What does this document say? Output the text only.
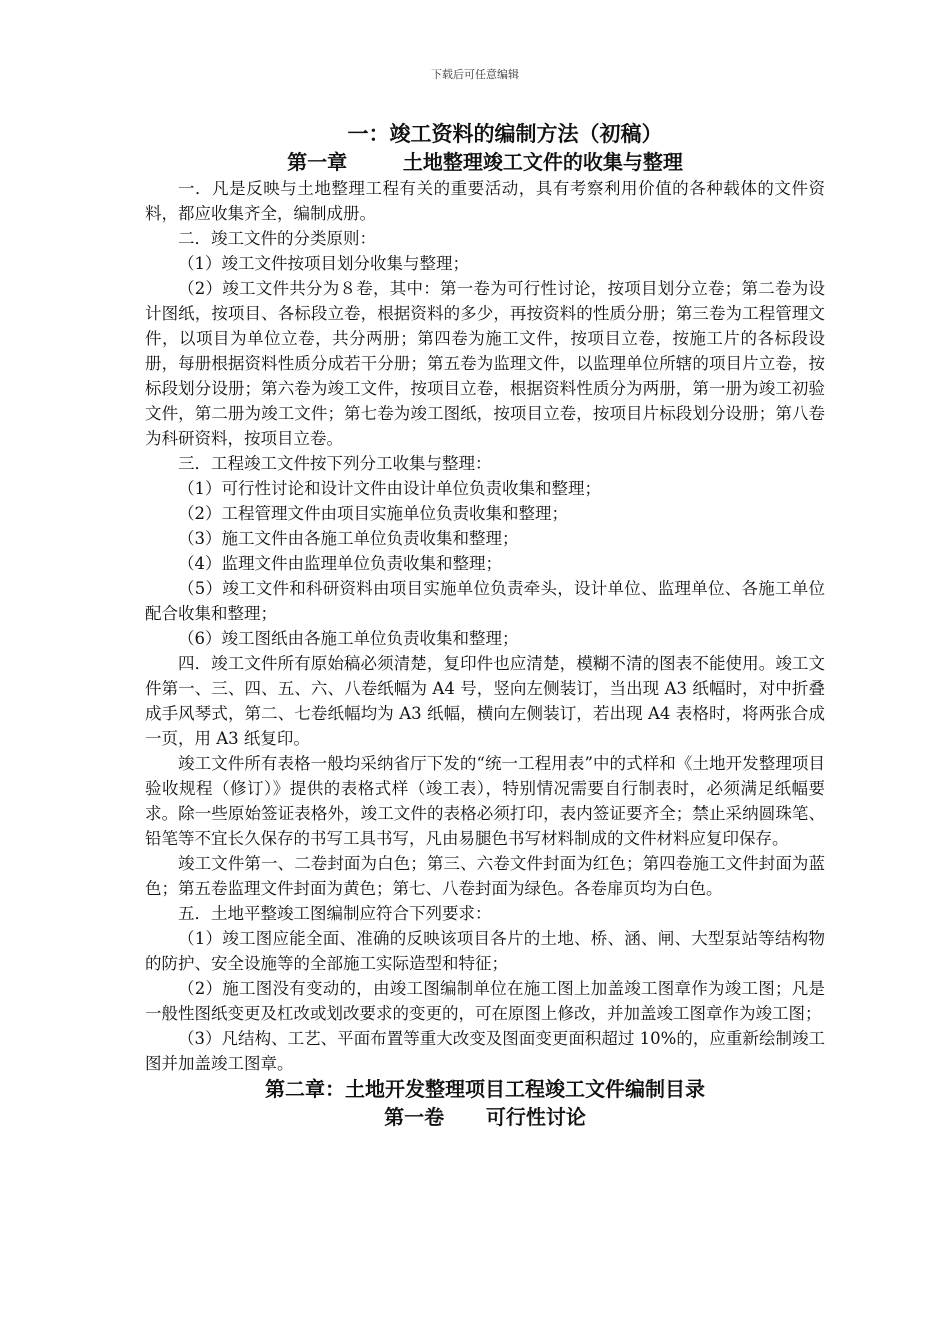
下载后可任意编辑
一：竣工资料的编制方法（初稿）
第一章        土地整理竣工文件的收集与整理

一．凡是反映与土地整理工程有关的重要活动，具有考察利用价值的各种载体的文件资料，都应收集齐全，编制成册。

二．竣工文件的分类原则：

（1）竣工文件按项目划分收集与整理；

（2）竣工文件共分为８卷，其中：第一卷为可行性讨论，按项目划分立卷；第二卷为设计图纸，按项目、各标段立卷，根据资料的多少，再按资料的性质分册；第三卷为工程管理文件，以项目为单位立卷，共分两册；第四卷为施工文件，按项目立卷，按施工片的各标段设册，每册根据资料性质分成若干分册；第五卷为监理文件，以监理单位所辖的项目片立卷，按标段划分设册；第六卷为竣工文件，按项目立卷，根据资料性质分为两册，第一册为竣工初验文件，第二册为竣工文件；第七卷为竣工图纸，按项目立卷，按项目片标段划分设册；第八卷为科研资料，按项目立卷。

三．工程竣工文件按下列分工收集与整理：

（1）可行性讨论和设计文件由设计单位负责收集和整理；

（2）工程管理文件由项目实施单位负责收集和整理；

（3）施工文件由各施工单位负责收集和整理；

（4）监理文件由监理单位负责收集和整理；

（5）竣工文件和科研资料由项目实施单位负责牵头，设计单位、监理单位、各施工单位配合收集和整理；

（6）竣工图纸由各施工单位负责收集和整理；

四．竣工文件所有原始稿必须清楚，复印件也应清楚，模糊不清的图表不能使用。竣工文件第一、三、四、五、六、八卷纸幅为 A4 号，竖向左侧装订，当出现 A3 纸幅时，对中折叠成手风琴式，第二、七卷纸幅均为 A3 纸幅，横向左侧装订，若出现 A4 表格时，将两张合成一页，用 A3 纸复印。

竣工文件所有表格一般均采纳省厅下发的“统一工程用表”中的式样和《土地开发整理项目验收规程（修订）》提供的表格式样（竣工表），特别情况需要自行制表时，必须满足纸幅要求。除一些原始签证表格外，竣工文件的表格必须打印，表内签证要齐全；禁止采纳圆珠笔、铅笔等不宜长久保存的书写工具书写，凡由易腿色书写材料制成的文件材料应复印保存。

竣工文件第一、二卷封面为白色；第三、六卷文件封面为红色；第四卷施工文件封面为蓝色；第五卷监理文件封面为黄色；第七、八卷封面为绿色。各卷扉页均为白色。

五．土地平整竣工图编制应符合下列要求：

（1）竣工图应能全面、准确的反映该项目各片的土地、桥、涵、闸、大型泵站等结构物的防护、安全设施等的全部施工实际造型和特征；

（2）施工图没有变动的，由竣工图编制单位在施工图上加盖竣工图章作为竣工图；凡是一般性图纸变更及杠改或划改要求的变更的，可在原图上修改，并加盖竣工图章作为竣工图；

（3）凡结构、工艺、平面布置等重大改变及图面变更面积超过 10%的，应重新绘制竣工图并加盖竣工图章。

第二章：土地开发整理项目工程竣工文件编制目录
第一卷      可行性讨论
